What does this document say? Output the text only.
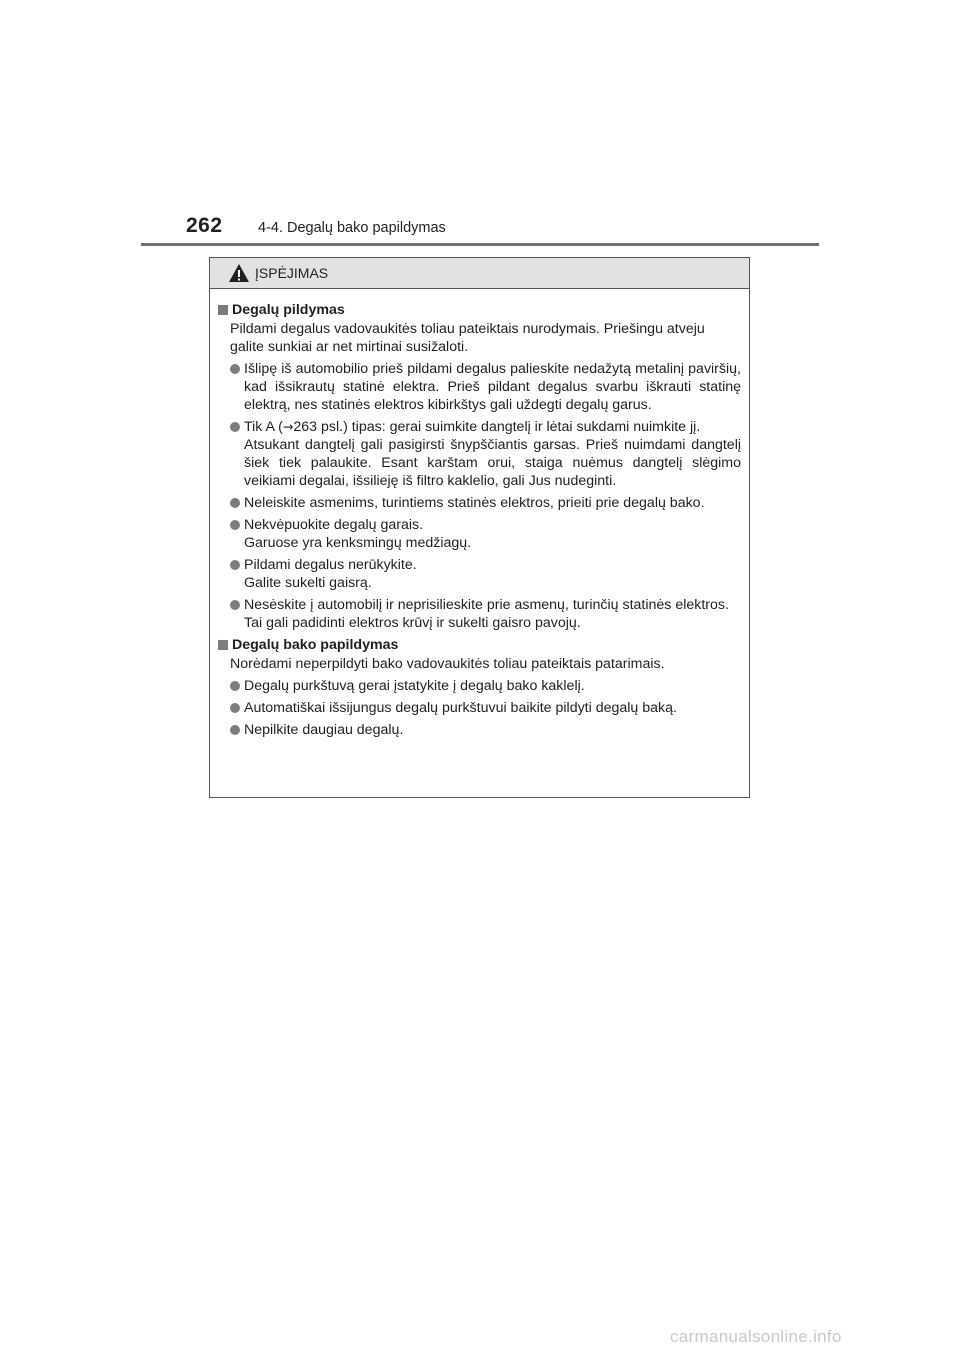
262 4-4. Degalų bako papildymas
ĮSPĖJIMAS
Degalų pildymas
Pildami degalus vadovaukitės toliau pateiktais nurodymais. Priešingu atveju galite sunkiai ar net mirtinai susižaloti.
Išlipę iš automobilio prieš pildami degalus palieskite nedažytą metalinį paviršių, kad išsikrautų statinė elektra. Prieš pildant degalus svarbu iškrauti statinę elektrą, nes statinės elektros kibirkštys gali uždegti degalų garus.
Tik A (→263 psl.) tipas: gerai suimkite dangtelį ir lėtai sukdami nuimkite jį.
Atsukant dangtelį gali pasigirsti šnypščiantis garsas. Prieš nuimdami dangtelį šiek tiek palaukite. Esant karštam orui, staiga nuėmus dangtelį slėgimo veikiami degalai, išsilieję iš filtro kaklelio, gali Jus nudeginti.
Neleiskite asmenims, turintiems statinės elektros, prieiti prie degalų bako.
Nekvėpuokite degalų garais.
Garuose yra kenksmingų medžiagų.
Pildami degalus nerūkykite.
Galite sukelti gaisrą.
Nesėskite į automobilį ir neprisilieskite prie asmenų, turinčių statinės elektros.
Tai gali padidinti elektros krūvį ir sukelti gaisro pavojų.
Degalų bako papildymas
Norėdami neperpildyti bako vadovaukitės toliau pateiktais patarimais.
Degalų purkštuvą gerai įstatykite į degalų bako kaklelį.
Automatiškai išsijungus degalų purkštuvui baikite pildyti degalų baką.
Nepilkite daugiau degalų.
carmanualsonline.info
